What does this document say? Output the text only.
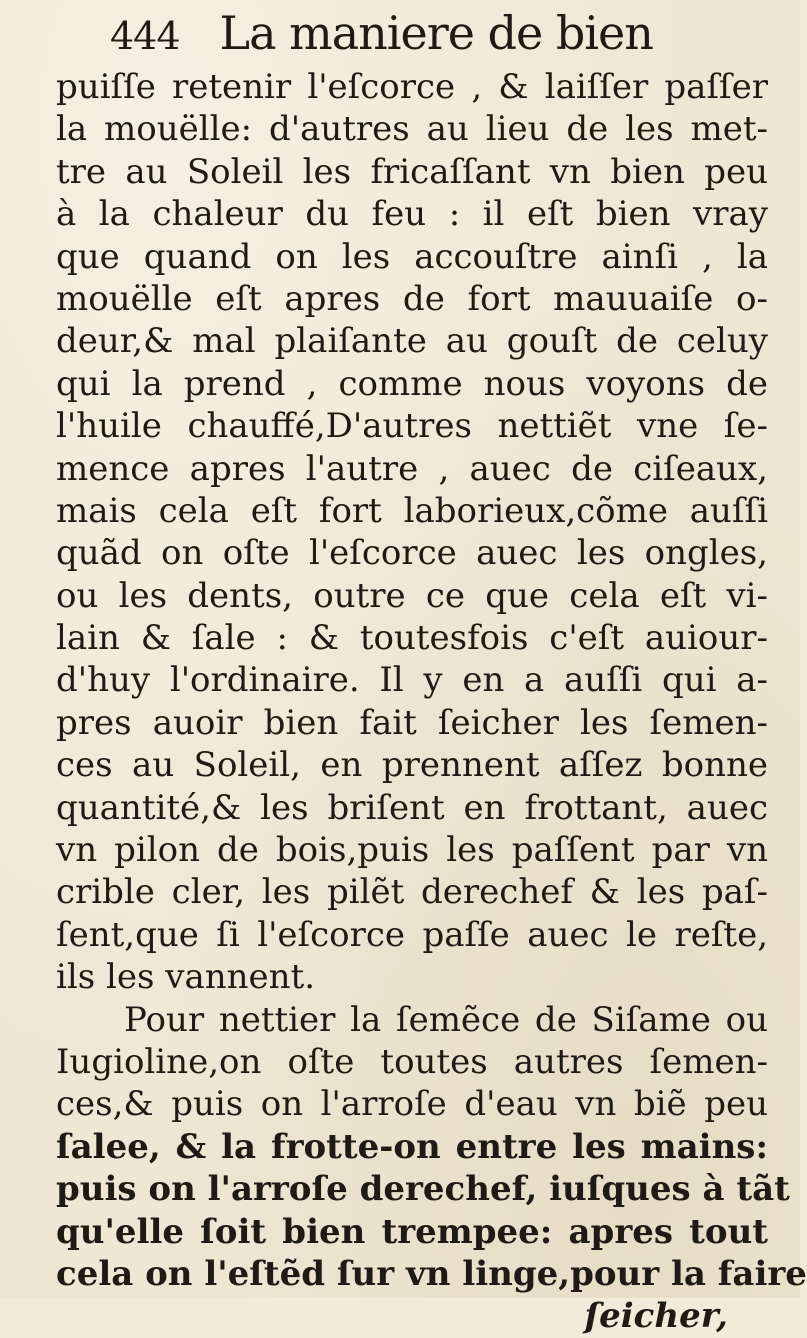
444 La maniere de bien
puiſſe retenir l'eſcorce , & laiſſer paſſer
la mouëlle: d'autres au lieu de les met-
tre au Soleil les fricaſſant vn bien peu
à la chaleur du feu : il eſt bien vray
que quand on les accouſtre ainſi , la
mouëlle eſt apres de fort mauuaiſe o-
deur,& mal plaiſante au gouſt de celuy
qui la prend , comme nous voyons de
l'huile chauffé,D'autres nettiẽt vne ſe-
mence apres l'autre , auec de ciſeaux,
mais cela eſt fort laborieux,cõme auſſi
quãd on oſte l'eſcorce auec les ongles,
ou les dents, outre ce que cela eſt vi-
lain & ſale : & toutesfois c'eſt auiour-
d'huy l'ordinaire. Il y en a auſſi qui a-
pres auoir bien fait ſeicher les ſemen-
ces au Soleil, en prennent aſſez bonne
quantité,& les briſent en frottant, auec
vn pilon de bois,puis les paſſent par vn
crible cler, les pilẽt derechef & les paſ-
ſent,que ſi l'eſcorce paſſe auec le reſte,
ils les vannent.
Pour nettier la ſemẽce de Siſame ou
Iugioline,on oſte toutes autres ſemen-
ces,& puis on l'arroſe d'eau vn biẽ peu
ſalee, & la frotte-on entre les mains:
puis on l'arroſe derechef, iuſques à tãt
qu'elle ſoit bien trempee: apres tout
cela on l'eſtẽd ſur vn linge,pour la faire
ſeicher,
